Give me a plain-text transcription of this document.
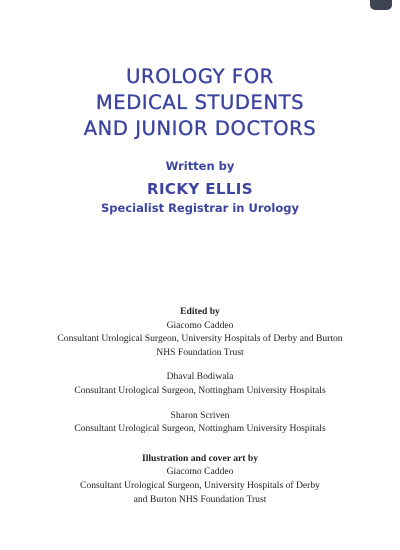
UROLOGY FOR
MEDICAL STUDENTS
AND JUNIOR DOCTORS
Written by
RICKY ELLIS
Specialist Registrar in Urology
Edited by
Giacomo Caddeo
Consultant Urological Surgeon, University Hospitals of Derby and Burton
NHS Foundation Trust
Dhaval Bodiwala
Consultant Urological Surgeon, Nottingham University Hospitals
Sharon Scriven
Consultant Urological Surgeon, Nottingham University Hospitals
Illustration and cover art by
Giacomo Caddeo
Consultant Urological Surgeon, University Hospitals of Derby
and Burton NHS Foundation Trust
